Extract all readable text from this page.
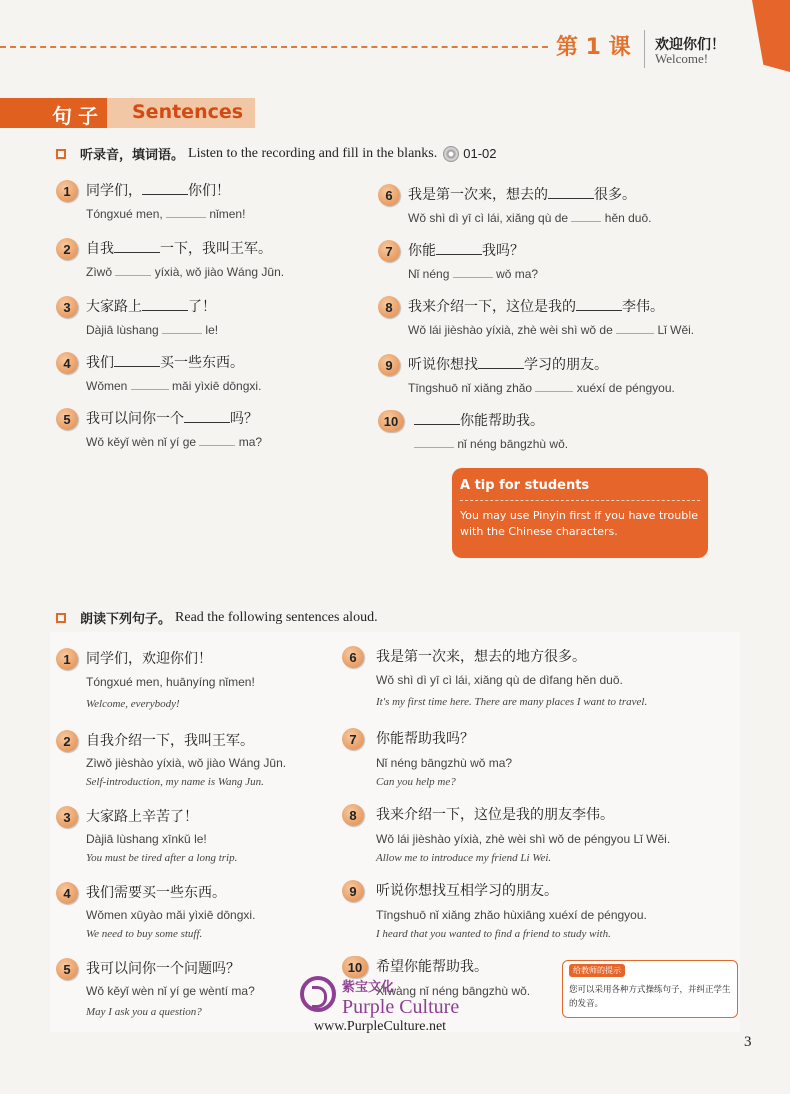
第 1 课 欢迎你们！
Welcome!
句子 Sentences
听录音，填词语。 Listen to the recording and fill in the blanks. 01-02
1	同学们，	你们！
Tóngxué men,	nǐmen!
2	自我	一下，我叫王军。
Zìwǒ	yíxià, wǒ jiào Wáng Jūn.
3	大家路上	了！
Dàjiā lùshang	le!
4	我们	买一些东西。
Wǒmen	mǎi yìxiē dōngxi.
5	我可以问你一个	吗？
Wǒ kěyǐ wèn nǐ yí ge	ma?
6	我是第一次来，想去的	很多。
Wǒ shì dì yī cì lái, xiǎng qù de	hěn duō.
7	你能	我吗？
Nǐ néng	wǒ ma?
8	我来介绍一下，这位是我的	李伟。
Wǒ lái jièshào yíxià, zhè wèi shì wǒ de	Lǐ Wěi.
9	听说你想找	学习的朋友。
Tīngshuō nǐ xiǎng zhǎo	xuéxí de péngyou.
10	你能帮助我。
nǐ néng bāngzhù wǒ.
A tip for students
You may use Pinyin first if you have trouble with the Chinese characters.
朗读下列句子。 Read the following sentences aloud.
1	同学们，欢迎你们！
Tóngxué men, huānyíng nǐmen!
Welcome, everybody!
2	自我介绍一下，我叫王军。
Zìwǒ jièshào yíxià, wǒ jiào Wáng Jūn.
Self-introduction, my name is Wang Jun.
3	大家路上辛苦了！
Dàjiā lùshang xīnkǔ le!
You must be tired after a long trip.
4	我们需要买一些东西。
Wǒmen xūyào mǎi yìxiē dōngxi.
We need to buy some stuff.
5	我可以问你一个问题吗？
Wǒ kěyǐ wèn nǐ yí ge wèntí ma?
May I ask you a question?
6	我是第一次来，想去的地方很多。
Wǒ shì dì yī cì lái, xiǎng qù de dìfang hěn duō.
It's my first time here. There are many places I want to travel.
7	你能帮助我吗？
Nǐ néng bāngzhù wǒ ma?
Can you help me?
8	我来介绍一下，这位是我的朋友李伟。
Wǒ lái jièshào yíxià, zhè wèi shì wǒ de péngyou Lǐ Wěi.
Allow me to introduce my friend Li Wei.
9	听说你想找互相学习的朋友。
Tīngshuō nǐ xiǎng zhǎo hùxiāng xuéxí de péngyou.
I heard that you wanted to find a friend to study with.
10 希望你能帮助我。
Xīwàng nǐ néng bāngzhù wǒ.
给教师的提示
您可以采用各种方式操练句子，并纠正学生的发音。
紫宝文化
Purple Culture
www.PurpleCulture.net
3
